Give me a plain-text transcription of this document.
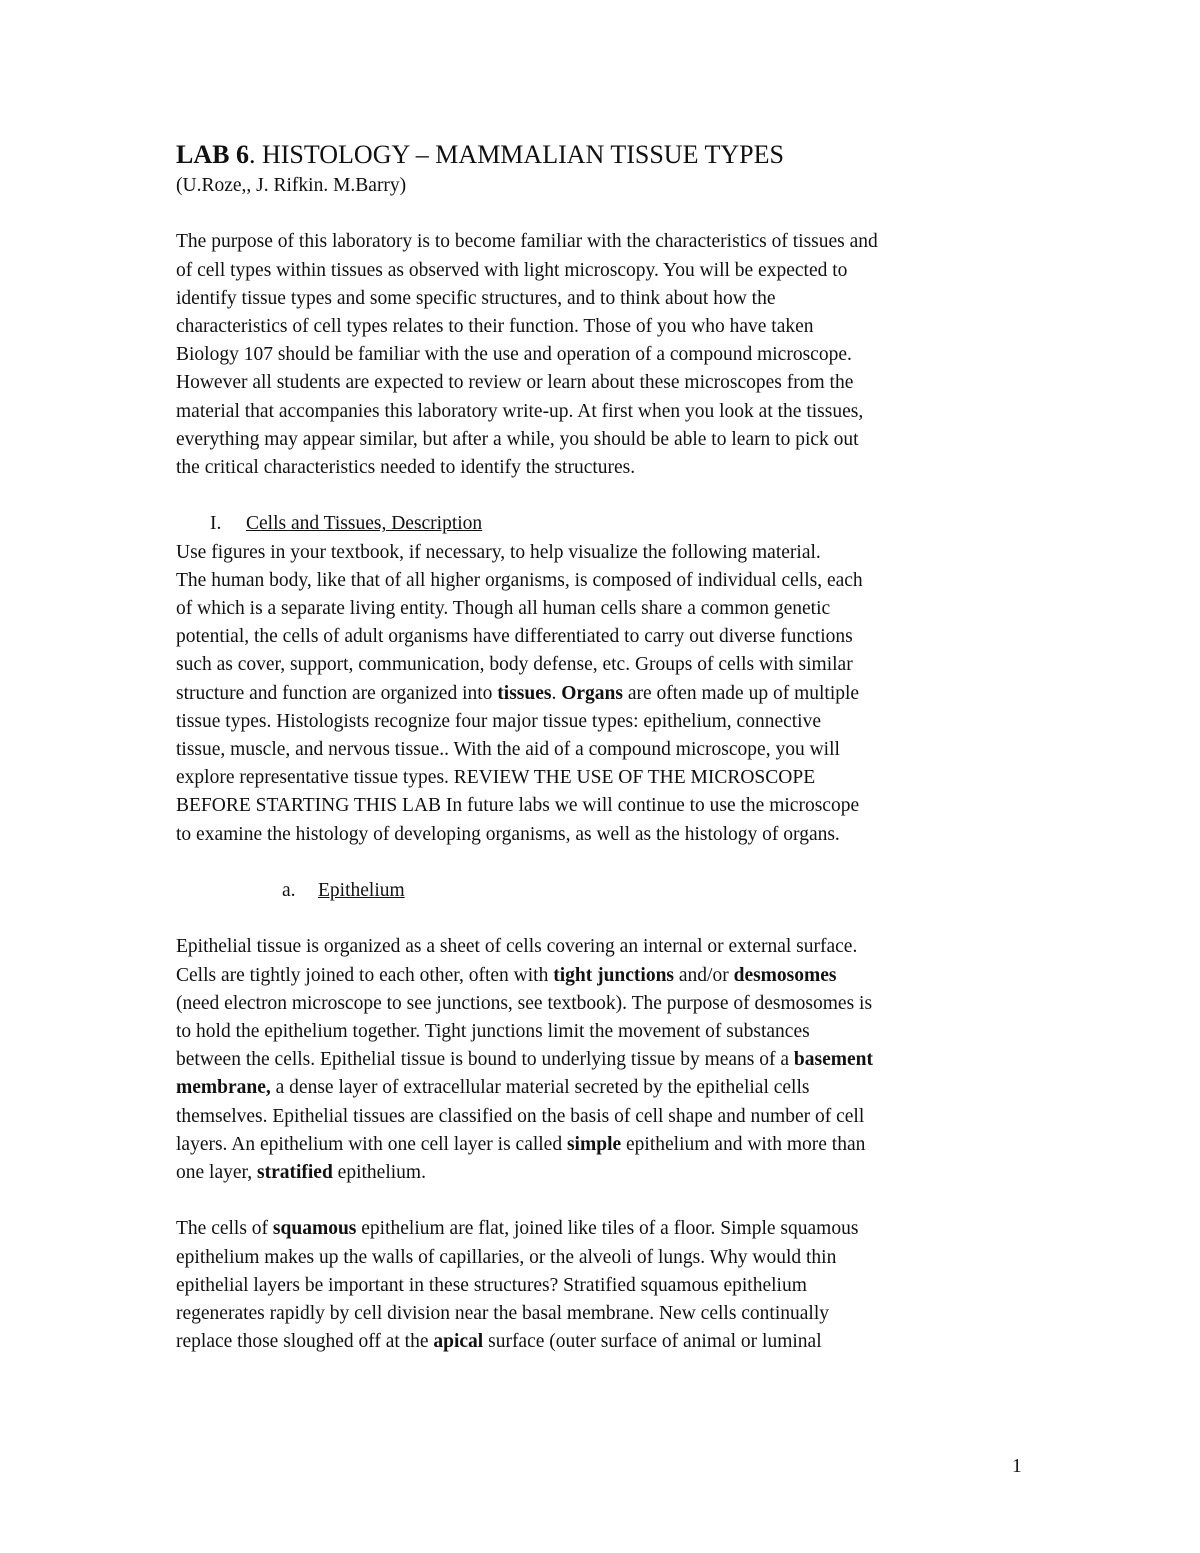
LAB 6. HISTOLOGY – MAMMALIAN TISSUE TYPES

(U.Roze,, J. Rifkin. M.Barry)

The purpose of this laboratory is to become familiar with the characteristics of tissues and

of cell types within tissues as observed with light microscopy. You will be expected to

identify tissue types and some specific structures, and to think about how the

characteristics of cell types relates to their function. Those of you who have taken

Biology 107 should be familiar with the use and operation of a compound microscope.

However all students are expected to review or learn about these microscopes from the

material that accompanies this laboratory write-up. At first when you look at the tissues,

everything may appear similar, but after a while, you should be able to learn to pick out

the critical characteristics needed to identify the structures.

I. Cells and Tissues, Description

Use figures in your textbook, if necessary, to help visualize the following material.

The human body, like that of all higher organisms, is composed of individual cells, each

of which is a separate living entity. Though all human cells share a common genetic

potential, the cells of adult organisms have differentiated to carry out diverse functions

such as cover, support, communication, body defense, etc. Groups of cells with similar

structure and function are organized into tissues. Organs are often made up of multiple

tissue types. Histologists recognize four major tissue types: epithelium, connective

tissue, muscle, and nervous tissue.. With the aid of a compound microscope, you will

explore representative tissue types. REVIEW THE USE OF THE MICROSCOPE

BEFORE STARTING THIS LAB In future labs we will continue to use the microscope

to examine the histology of developing organisms, as well as the histology of organs.

a. Epithelium

Epithelial tissue is organized as a sheet of cells covering an internal or external surface.

Cells are tightly joined to each other, often with tight junctions and/or desmosomes

(need electron microscope to see junctions, see textbook). The purpose of desmosomes is

to hold the epithelium together. Tight junctions limit the movement of substances

between the cells. Epithelial tissue is bound to underlying tissue by means of a basement

membrane, a dense layer of extracellular material secreted by the epithelial cells

themselves. Epithelial tissues are classified on the basis of cell shape and number of cell

layers. An epithelium with one cell layer is called simple epithelium and with more than

one layer, stratified epithelium.

The cells of squamous epithelium are flat, joined like tiles of a floor. Simple squamous

epithelium makes up the walls of capillaries, or the alveoli of lungs. Why would thin

epithelial layers be important in these structures? Stratified squamous epithelium

regenerates rapidly by cell division near the basal membrane. New cells continually

replace those sloughed off at the apical surface (outer surface of animal or luminal

1
